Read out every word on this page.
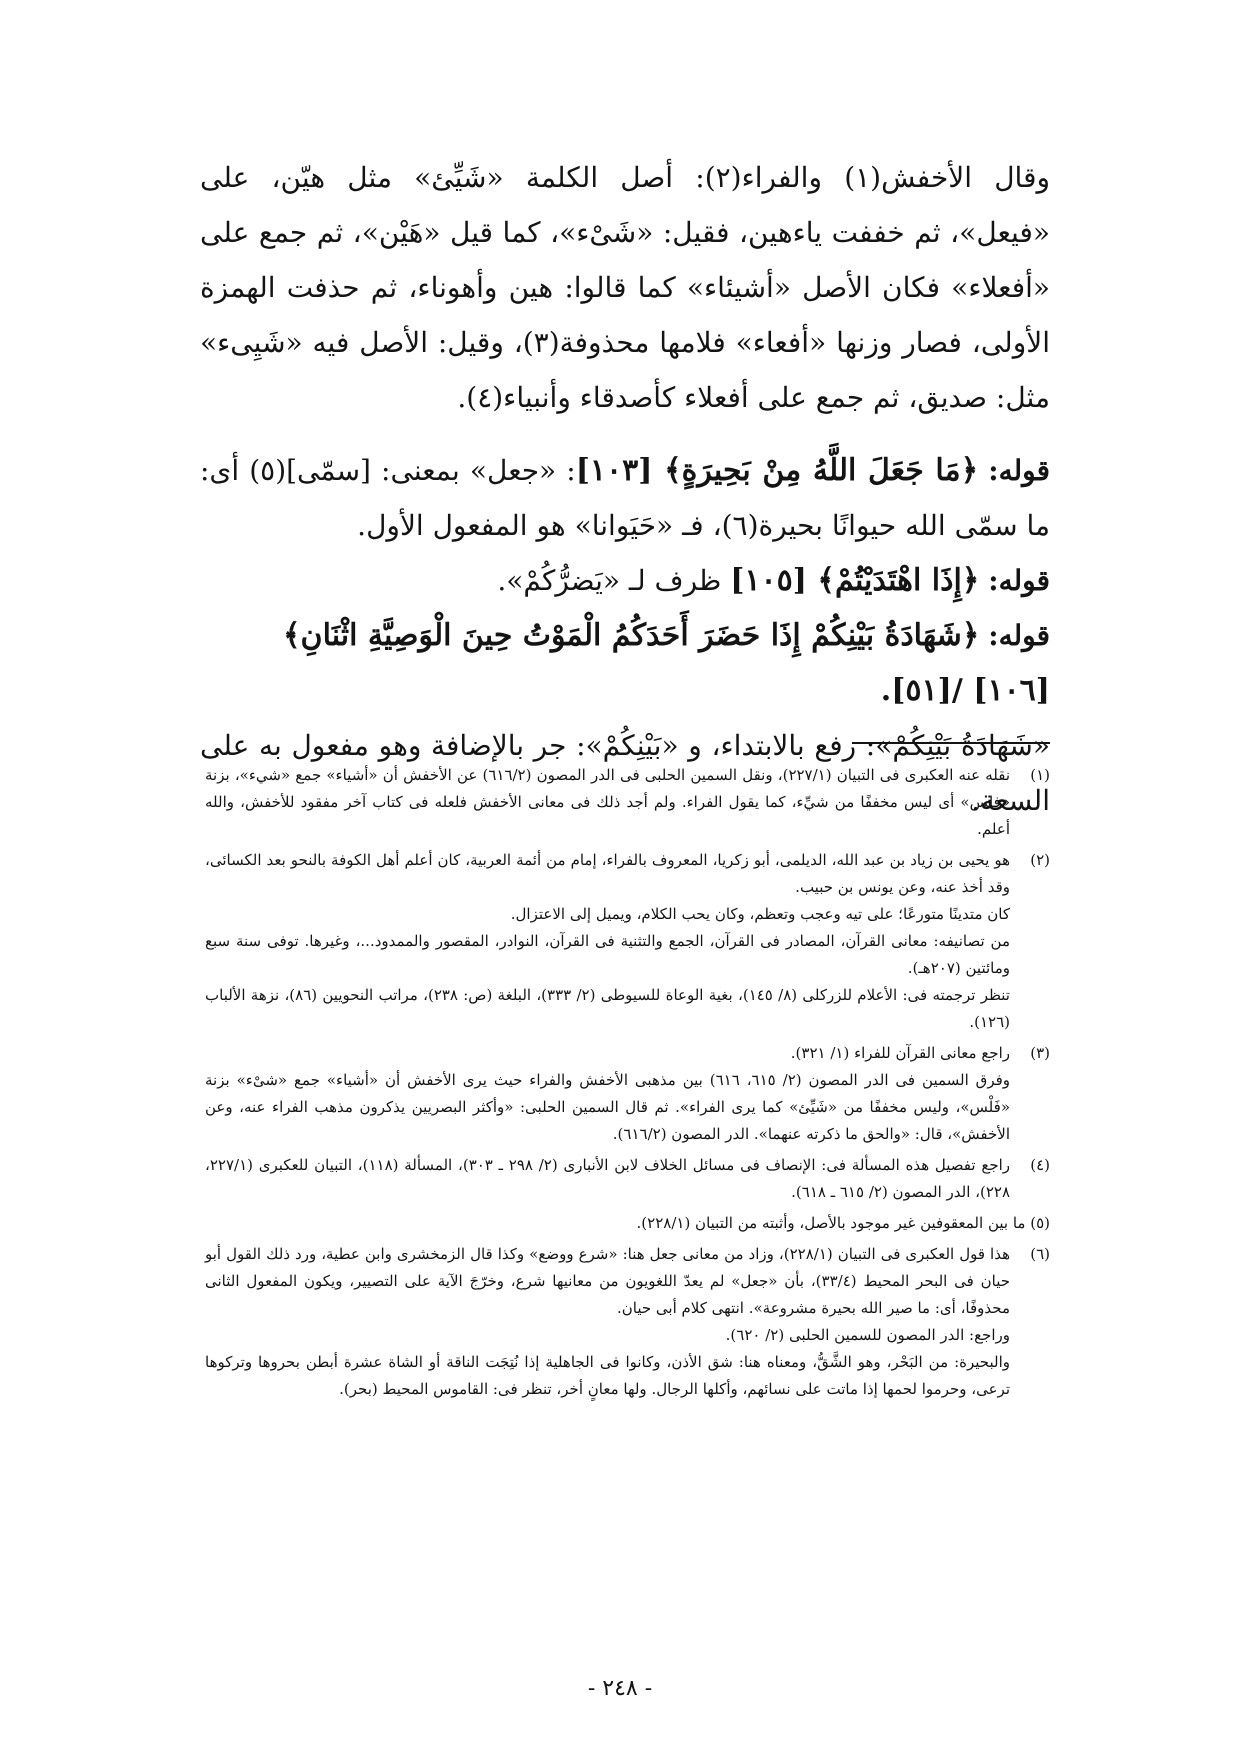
وقال الأخفش(١) والفراء(٢): أصل الكلمة «شَيِّئ» مثل هيّن، على «فيعل»، ثم خففت ياءهين، فقيل: «شَىْء»، كما قيل «هَيْن»، ثم جمع على «أفعلاء» فكان الأصل «أشيئاء» كما قالوا: هين وأهوناء، ثم حذفت الهمزة الأولى، فصار وزنها «أفعاء» فلامها محذوفة(٣)، وقيل: الأصل فيه «شَيِىء» مثل: صديق، ثم جمع على أفعلاء كأصدقاء وأنبياء(٤).

قوله: ﴿مَا جَعَلَ اللَّهُ مِنْ بَحِيرَةٍ﴾ [١٠٣]: «جعل» بمعنى: [سمّى](٥) أى: ما سمّى الله حيوانًا بحيرة(٦)، فـ «حَيَوانا» هو المفعول الأول.

قوله: ﴿إِذَا اهْتَدَيْتُمْ﴾ [١٠٥] ظرف لـ «يَضرُّكُمْ».

قوله: ﴿شَهَادَةُ بَيْنِكُمْ إِذَا حَضَرَ أَحَدَكُمُ الْمَوْتُ حِينَ الْوَصِيَّةِ اثْنَانِ﴾ [١٠٦] /[٥١].

«شَهَادَةُ بَيْنِكُمْ»: رفع بالابتداء، و «بَيْنِكُمْ»: جر بالإضافة وهو مفعول به على السعة.

(١)

نقله عنه العكبرى فى التبيان (٢٢٧/١)، ونقل السمين الحلبى فى الدر المصون (٦١٦/٢) عن الأخفش أن «أشياء» جمع «شيء»، بزنة «فلس» أى ليس مخففًا من شيِّء، كما يقول الفراء. ولم أجد ذلك فى معانى الأخفش فلعله فى كتاب آخر مفقود للأخفش، والله أعلم.

(٢)

هو يحيى بن زياد بن عبد الله، الديلمى، أبو زكريا، المعروف بالفراء، إمام من أئمة العربية، كان أعلم أهل الكوفة بالنحو بعد الكسائى، وقد أخذ عنه، وعن يونس بن حبيب.

كان متدينًا متورعًا؛ على تيه وعجب وتعظم، وكان يحب الكلام، ويميل إلى الاعتزال.

من تصانيفه: معانى القرآن، المصادر فى القرآن، الجمع والتثنية فى القرآن، النوادر، المقصور والممدود...، وغيرها. توفى سنة سبع ومائتين (٢٠٧هـ).

تنظر ترجمته فى: الأعلام للزركلى (٨/ ١٤٥)، بغية الوعاة للسيوطى (٢/ ٣٣٣)، البلغة (ص: ٢٣٨)، مراتب النحويين (٨٦)، نزهة الألباب (١٢٦).

(٣)

راجع معانى القرآن للفراء (١/ ٣٢١).

وفرق السمين فى الدر المصون (٢/ ٦١٥، ٦١٦) بين مذهبى الأخفش والفراء حيث يرى الأخفش أن «أشياء» جمع «شىْء» بزنة «فَلْس»، وليس مخففًا من «شَيِّئ» كما يرى الفراء». ثم قال السمين الحلبى: «وأكثر البصريين يذكرون مذهب الفراء عنه، وعن الأخفش»، قال: «والحق ما ذكرته عنهما». الدر المصون (٦١٦/٢).

(٤)

راجع تفصيل هذه المسألة فى: الإنصاف فى مسائل الخلاف لابن الأنبارى (٢/ ٢٩٨ ـ ٣٠٣)، المسألة (١١٨)، التبيان للعكبرى (٢٢٧/١، ٢٢٨)، الدر المصون (٢/ ٦١٥ ـ ٦١٨).

(٥) ما بين المعقوفين غير موجود بالأصل، وأثبته من التبيان (٢٢٨/١).

(٦)

هذا قول العكبرى فى التبيان (٢٢٨/١)، وزاد من معانى جعل هنا: «شرع ووضع» وكذا قال الزمخشرى وابن عطية، ورد ذلك القول أبو حيان فى البحر المحيط (٣٣/٤)، بأن «جعل» لم يعدّ اللغويون من معانيها شرع، وخرّجَ الآية على التصيير، ويكون المفعول الثانى محذوفًا، أى: ما صير الله بحيرة مشروعة». انتهى كلام أبى حيان.

وراجع: الدر المصون للسمين الحلبى (٢/ ٦٢٠).

والبحيرة: من البَحْر، وهو الشَّقُّ، ومعناه هنا: شق الأذن، وكانوا فى الجاهلية إذا نُتِجَت الناقة أو الشاة عشرة أبطن بحروها وتركوها ترعى، وحرموا لحمها إذا ماتت على نسائهم، وأكلها الرجال. ولها معانٍ أخر، تنظر فى: القاموس المحيط (بحر).

- ٢٤٨ -
